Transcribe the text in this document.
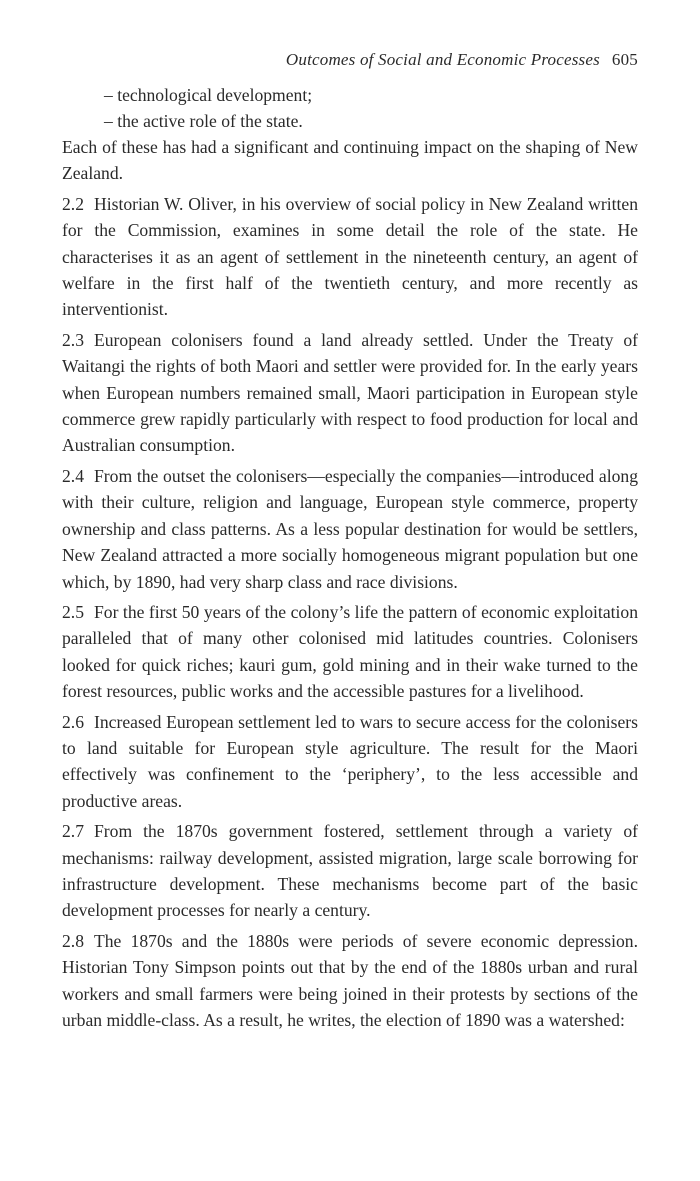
Outcomes of Social and Economic Processes 605
– technological development;
– the active role of the state.

Each of these has had a significant and continuing impact on the shaping of New Zealand.

2.2 Historian W. Oliver, in his overview of social policy in New Zealand written for the Commission, examines in some detail the role of the state. He characterises it as an agent of settlement in the nineteenth century, an agent of welfare in the first half of the twentieth century, and more recently as interventionist.

2.3 European colonisers found a land already settled. Under the Treaty of Waitangi the rights of both Maori and settler were provided for. In the early years when European numbers remained small, Maori participation in European style commerce grew rapidly particularly with respect to food production for local and Australian consumption.

2.4 From the outset the colonisers—especially the companies—introduced along with their culture, religion and language, European style commerce, property ownership and class patterns. As a less popular destination for would be settlers, New Zealand attracted a more socially homogeneous migrant population but one which, by 1890, had very sharp class and race divisions.

2.5 For the first 50 years of the colony’s life the pattern of economic exploitation paralleled that of many other colonised mid latitudes countries. Colonisers looked for quick riches; kauri gum, gold mining and in their wake turned to the forest resources, public works and the accessible pastures for a livelihood.

2.6 Increased European settlement led to wars to secure access for the colonisers to land suitable for European style agriculture. The result for the Maori effectively was confinement to the ‘periphery’, to the less accessible and productive areas.

2.7 From the 1870s government fostered, settlement through a variety of mechanisms: railway development, assisted migration, large scale borrowing for infrastructure development. These mechanisms become part of the basic development processes for nearly a century.

2.8 The 1870s and the 1880s were periods of severe economic depression. Historian Tony Simpson points out that by the end of the 1880s urban and rural workers and small farmers were being joined in their protests by sections of the urban middle-class. As a result, he writes, the election of 1890 was a watershed:
